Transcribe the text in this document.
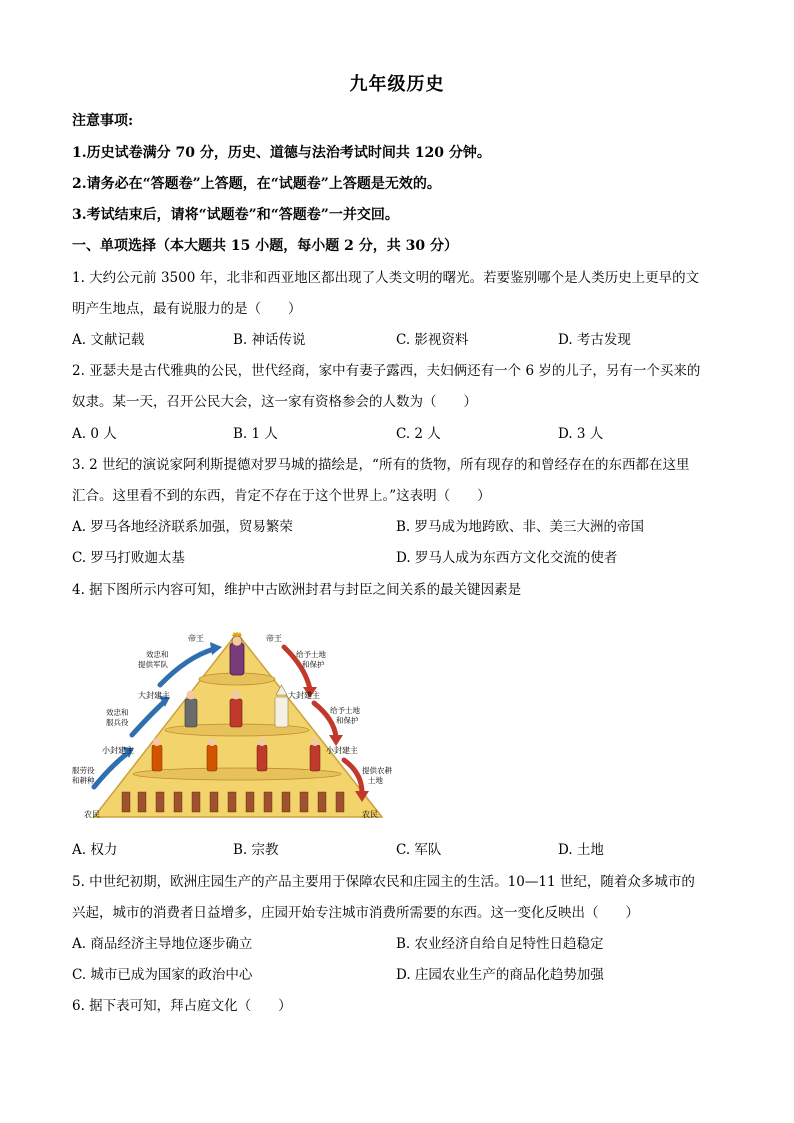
九年级历史
注意事项:
1.历史试卷满分 70 分，历史、道德与法治考试时间共 120 分钟。
2.请务必在“答题卷”上答题，在“试题卷”上答题是无效的。
3.考试结束后，请将“试题卷”和“答题卷”一并交回。
一、单项选择（本大题共 15 小题，每小题 2 分，共 30 分）
1. 大约公元前 3500 年，北非和西亚地区都出现了人类文明的曙光。若要鉴别哪个是人类历史上更早的文
明产生地点，最有说服力的是（　　）
A. 文献记载	B. 神话传说	C. 影视资料	D. 考古发现
2. 亚瑟夫是古代雅典的公民，世代经商，家中有妻子露西，夫妇俩还有一个 6 岁的儿子，另有一个买来的
奴隶。某一天，召开公民大会，这一家有资格参会的人数为（　　）
A. 0 人	B. 1 人	C. 2 人	D. 3 人
3. 2 世纪的演说家阿利斯提德对罗马城的描绘是，“所有的货物，所有现存的和曾经存在的东西都在这里
汇合。这里看不到的东西，肯定不存在于这个世界上。”这表明（　　）
A. 罗马各地经济联系加强，贸易繁荣	B. 罗马成为地跨欧、非、美三大洲的帝国
C. 罗马打败迦太基	D. 罗马人成为东西方文化交流的使者
4. 据下图所示内容可知，维护中古欧洲封君与封臣之间关系的最关键因素是
帝王	帝王
大封建主	大封建主
小封建主	小封建主
农民	农民
效忠和提供军队
效忠和服兵役
服劳役和耕种
给予土地和保护
给予土地和保护
提供农耕土地
A. 权力	B. 宗教	C. 军队	D. 土地
5. 中世纪初期，欧洲庄园生产的产品主要用于保障农民和庄园主的生活。10—11 世纪，随着众多城市的
兴起，城市的消费者日益增多，庄园开始专注城市消费所需要的东西。这一变化反映出（　　）
A. 商品经济主导地位逐步确立	B. 农业经济自给自足特性日趋稳定
C. 城市已成为国家的政治中心	D. 庄园农业生产的商品化趋势加强
6. 据下表可知，拜占庭文化（　　）
